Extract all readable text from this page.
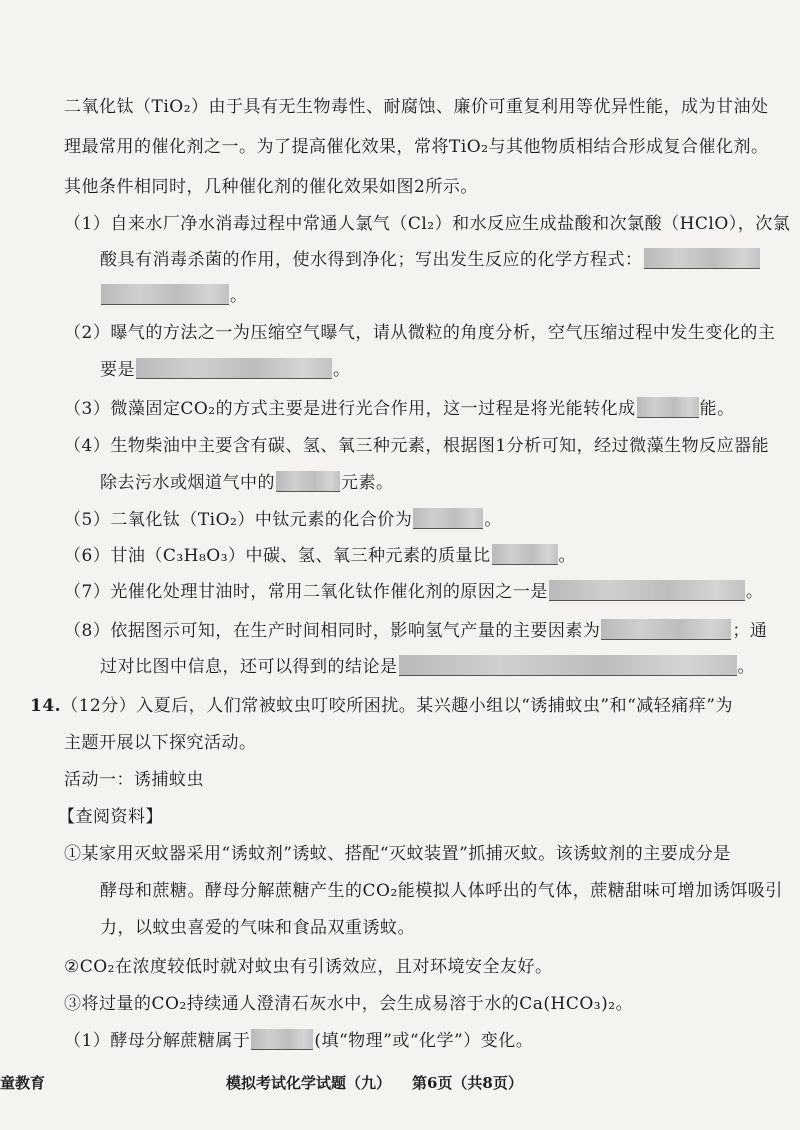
二氧化钛（TiO₂）由于具有无生物毒性、耐腐蚀、廉价可重复利用等优异性能，成为甘油处
理最常用的催化剂之一。为了提高催化效果，常将TiO₂与其他物质相结合形成复合催化剂。
其他条件相同时，几种催化剂的催化效果如图2所示。
（1）自来水厂净水消毒过程中常通人氯气（Cl₂）和水反应生成盐酸和次氯酸（HClO），次氯
酸具有消毒杀菌的作用，使水得到净化；写出发生反应的化学方程式：
。
（2）曝气的方法之一为压缩空气曝气，请从微粒的角度分析，空气压缩过程中发生变化的主
要是	。
（3）微藻固定CO₂的方式主要是进行光合作用，这一过程是将光能转化成	能。
（4）生物柴油中主要含有碳、氢、氧三种元素，根据图1分析可知，经过微藻生物反应器能
除去污水或烟道气中的	元素。
（5）二氧化钛（TiO₂）中钛元素的化合价为	。
（6）甘油（C₃H₈O₃）中碳、氢、氧三种元素的质量比	。
（7）光催化处理甘油时，常用二氧化钛作催化剂的原因之一是	。
（8）依据图示可知，在生产时间相同时，影响氢气产量的主要因素为	；通
过对比图中信息，还可以得到的结论是	。
14.（12分）入夏后，人们常被蚊虫叮咬所困扰。某兴趣小组以“诱捕蚊虫”和“减轻痛痒”为
主题开展以下探究活动。
活动一：诱捕蚊虫
【查阅资料】
①某家用灭蚊器采用“诱蚊剂”诱蚊、搭配“灭蚊装置”抓捕灭蚊。该诱蚊剂的主要成分是
酵母和蔗糖。酵母分解蔗糖产生的CO₂能模拟人体呼出的气体，蔗糖甜味可增加诱饵吸引
力，以蚊虫喜爱的气味和食品双重诱蚊。
②CO₂在浓度较低时就对蚊虫有引诱效应，且对环境安全友好。
③将过量的CO₂持续通人澄清石灰水中，会生成易溶于水的Ca(HCO₃)₂。
（1）酵母分解蔗糖属于	(填“物理”或“化学”）变化。
童教育	模拟考试化学试题（九） 第6页（共8页）
